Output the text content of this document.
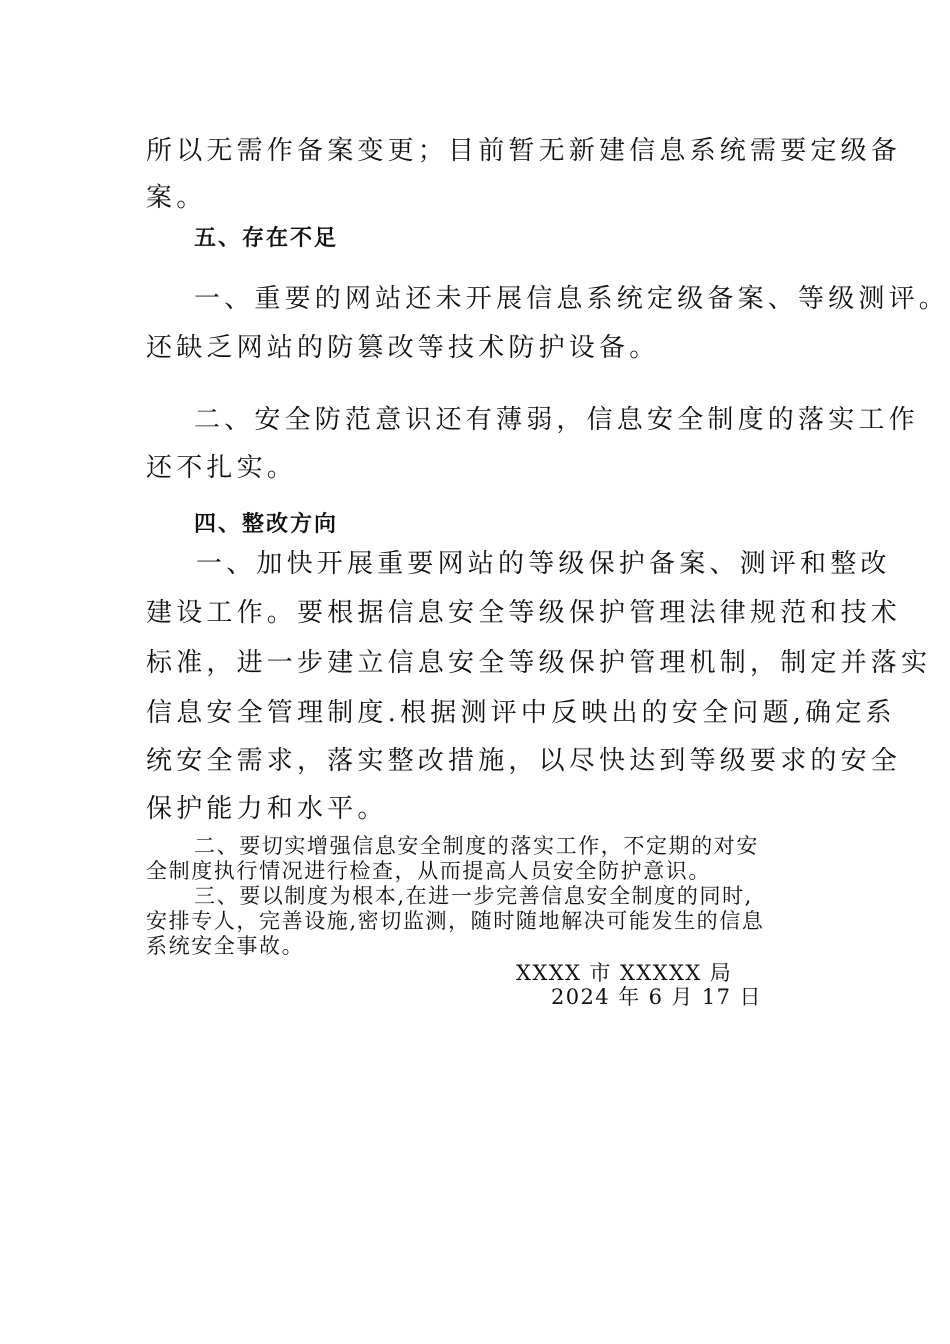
所以无需作备案变更；目前暂无新建信息系统需要定级备

案。

五、存在不足

一、重要的网站还未开展信息系统定级备案、等级测评。

还缺乏网站的防篡改等技术防护设备。

二、安全防范意识还有薄弱，信息安全制度的落实工作

还不扎实。

四、整改方向

一、加快开展重要网站的等级保护备案、测评和整改

建设工作。要根据信息安全等级保护管理法律规范和技术

标准，进一步建立信息安全等级保护管理机制，制定并落实

信息安全管理制度.根据测评中反映出的安全问题,确定系

统安全需求，落实整改措施，以尽快达到等级要求的安全

保护能力和水平。

二、要切实增强信息安全制度的落实工作，不定期的对安

全制度执行情况进行检查，从而提高人员安全防护意识。

三、要以制度为根本,在进一步完善信息安全制度的同时,

安排专人，完善设施,密切监测，随时随地解决可能发生的信息

系统安全事故。

XXXX 市 XXXXX 局

2024 年 6 月 17 日
